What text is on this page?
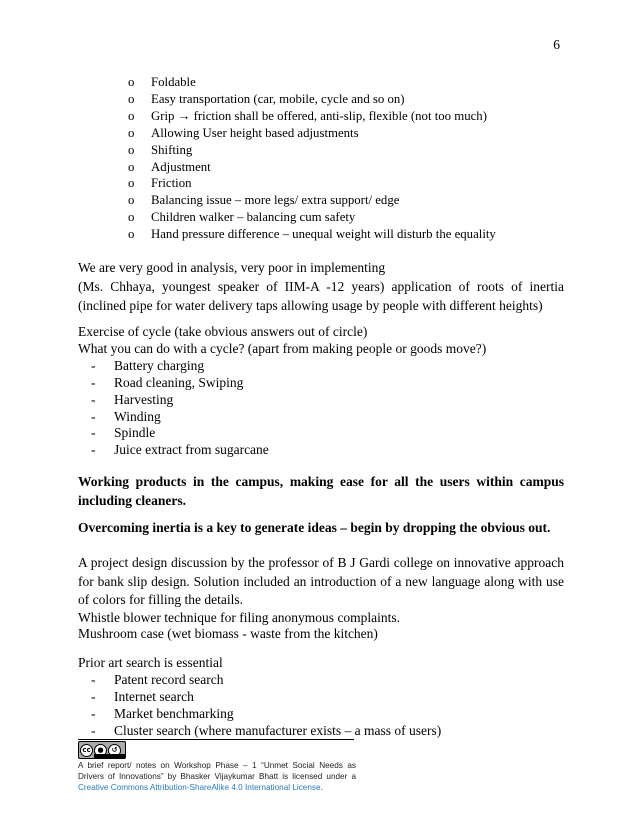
6
o Foldable
o Easy transportation (car, mobile, cycle and so on)
o Grip → friction shall be offered, anti-slip, flexible (not too much)
o Allowing User height based adjustments
o Shifting
o Adjustment
o Friction
o Balancing issue – more legs/ extra support/ edge
o Children walker – balancing cum safety
o Hand pressure difference – unequal weight will disturb the equality
We are very good in analysis, very poor in implementing
(Ms. Chhaya, youngest speaker of IIM-A -12 years) application of roots of inertia (inclined pipe for water delivery taps allowing usage by people with different heights)
Exercise of cycle (take obvious answers out of circle)
What you can do with a cycle? (apart from making people or goods move?)
- Battery charging
- Road cleaning, Swiping
- Harvesting
- Winding
- Spindle
- Juice extract from sugarcane
Working products in the campus, making ease for all the users within campus including cleaners.
Overcoming inertia is a key to generate ideas – begin by dropping the obvious out.
A project design discussion by the professor of B J Gardi college on innovative approach for bank slip design. Solution included an introduction of a new language along with use of colors for filling the details.
Whistle blower technique for filing anonymous complaints.
Mushroom case (wet biomass - waste from the kitchen)
Prior art search is essential
- Patent record search
- Internet search
- Market benchmarking
- Cluster search (where manufacturer exists – a mass of users)
cc ●	↺
A brief report/ notes on Workshop Phase – 1 “Unmet Social Needs as Drivers of Innovations” by Bhasker Vijaykumar Bhatt is licensed under a Creative Commons Attribution-ShareAlike 4.0 International License.
